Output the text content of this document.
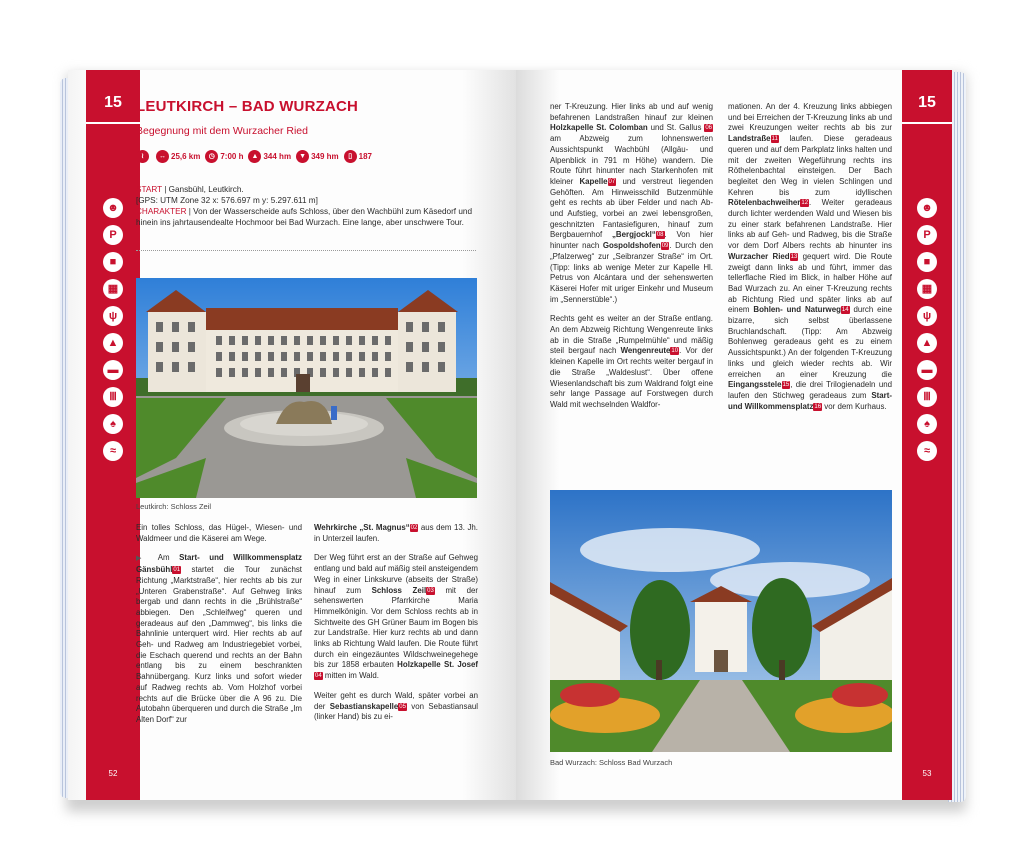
15
☻
P
■
▦
ψ
▲
▬
Ⅲ
♠
≈
52
LEUTKIRCH – BAD WURZACH
Begegnung mit dem Wurzacher Ried
≀	↔ 25,6 km	◷ 7:00 h	▲ 344 hm	▼ 349 hm	▯ 187
START | Gansbühl, Leutkirch.
[GPS: UTM Zone 32 x: 576.697 m y: 5.297.611 m]
CHARAKTER | Von der Wasserscheide aufs Schloss, über den Wachbühl zum Käsedorf und hinein ins jahrtausendealte Hochmoor bei Bad Wurzach. Eine lange, aber unschwere Tour.
Leutkirch: Schloss Zeil

Ein tolles Schloss, das Hügel-, Wiesen- und Waldmeer und die Käserei am Wege.

▶ Am Start- und Willkommensplatz Gänsbühl01 startet die Tour zunächst Richtung „Marktstraße“, hier rechts ab bis zur „Unteren Grabenstraße“. Auf Gehweg links bergab und dann rechts in die „Brühlstraße“ abbiegen. Den „Schleifweg“ queren und geradeaus auf den „Dammweg“, bis links die Bahnlinie unterquert wird. Hier rechts ab auf Geh- und Radweg am Industriegebiet vorbei, die Eschach querend und rechts an der Bahn entlang bis zu einem beschrankten Bahnübergang. Kurz links und sofort wieder auf Radweg rechts ab. Vom Holzhof vorbei rechts auf die Brücke über die A 96 zu. Die Autobahn überqueren und durch die Straße „Im Alten Dorf“ zur

Wehrkirche „St. Magnus“02 aus dem 13. Jh. in Unterzeil laufen.

Der Weg führt erst an der Straße auf Gehweg entlang und bald auf mäßig steil ansteigendem Weg in einer Linkskurve (abseits der Straße) hinauf zum Schloss Zeil03 mit der sehenswerten Pfarrkirche Maria Himmelkönigin. Vor dem Schloss rechts ab in Sichtweite des GH Grüner Baum im Bogen bis zur Landstraße. Hier kurz rechts ab und dann links ab Richtung Wald laufen. Die Route führt durch ein eingezäuntes Wildschweinegehege bis zur 1858 erbauten Holzkapelle St. Josef04 mitten im Wald.

Weiter geht es durch Wald, später vorbei an der Sebastianskapelle05 von Sebastiansaul (linker Hand) bis zu ei-

ner T-Kreuzung. Hier links ab und auf wenig befahrenen Landstraßen hinauf zur kleinen Holzkapelle St. Colomban und St. Gallus 06 am Abzweig zum lohnenswerten Aussichtspunkt Wachbühl (Allgäu- und Alpenblick in 791 m Höhe) wandern. Die Route führt hinunter nach Starkenhofen mit kleiner Kapelle07 und verstreut liegenden Gehöften. Am Hinweisschild Butzenmühle geht es rechts ab über Felder und nach Ab- und Aufstieg, vorbei an zwei lebensgroßen, geschnitzten Fantasiefiguren, hinauf zum Bergbauernhof „Bergjockl“08. Von hier hinunter nach Gospoldshofen09. Durch den „Pfalzerweg“ zur „Seibranzer Straße“ im Ort. (Tipp: links ab wenige Meter zur Kapelle Hl. Petrus von Alcántara und der sehenswerten Käserei Hofer mit uriger Einkehr und Museum im „Sennerstüble“.)

Rechts geht es weiter an der Straße entlang. An dem Abzweig Richtung Wengenreute links ab in die Straße „Rumpelmühle“ und mäßig steil bergauf nach Wengenreute10. Vor der kleinen Kapelle im Ort rechts weiter bergauf in die Straße „Waldeslust“. Über offene Wiesenlandschaft bis zum Waldrand folgt eine sehr lange Passage auf Forstwegen durch Wald mit wechselnden Waldfor-

mationen. An der 4. Kreuzung links abbiegen und bei Erreichen der T-Kreuzung links ab und zwei Kreuzungen weiter rechts ab bis zur Landstraße11 laufen. Diese geradeaus queren und auf dem Parkplatz links halten und mit der zweiten Wegeführung rechts ins Röthelenbachtal einsteigen. Der Bach begleitet den Weg in vielen Schlingen und Kehren bis zum idyllischen Rötelenbachweiher12. Weiter geradeaus durch lichter werdenden Wald und Wiesen bis zu einer stark befahrenen Landstraße. Hier links ab auf Geh- und Radweg, bis die Straße vor dem Dorf Albers rechts ab hinunter ins Wurzacher Ried13 gequert wird. Die Route zweigt dann links ab und führt, immer das tellerflache Ried im Blick, in halber Höhe auf Bad Wurzach zu. An einer T-Kreuzung rechts ab Richtung Ried und später links ab auf einem Bohlen- und Naturweg14 durch eine bizarre, sich selbst überlassene Bruchlandschaft. (Tipp: Am Abzweig Bohlenweg geradeaus geht es zu einem Aussichtspunkt.) An der folgenden T-Kreuzung links und gleich wieder rechts ab. Wir erreichen an einer Kreuzung die Eingangsstele15, die drei Trilogienadeln und laufen den Stichweg geradeaus zum Start- und Willkommensplatz16 vor dem Kurhaus.

Bad Wurzach: Schloss Bad Wurzach
15
☻
P
■
▦
ψ
▲
▬
Ⅲ
♠
≈
53
